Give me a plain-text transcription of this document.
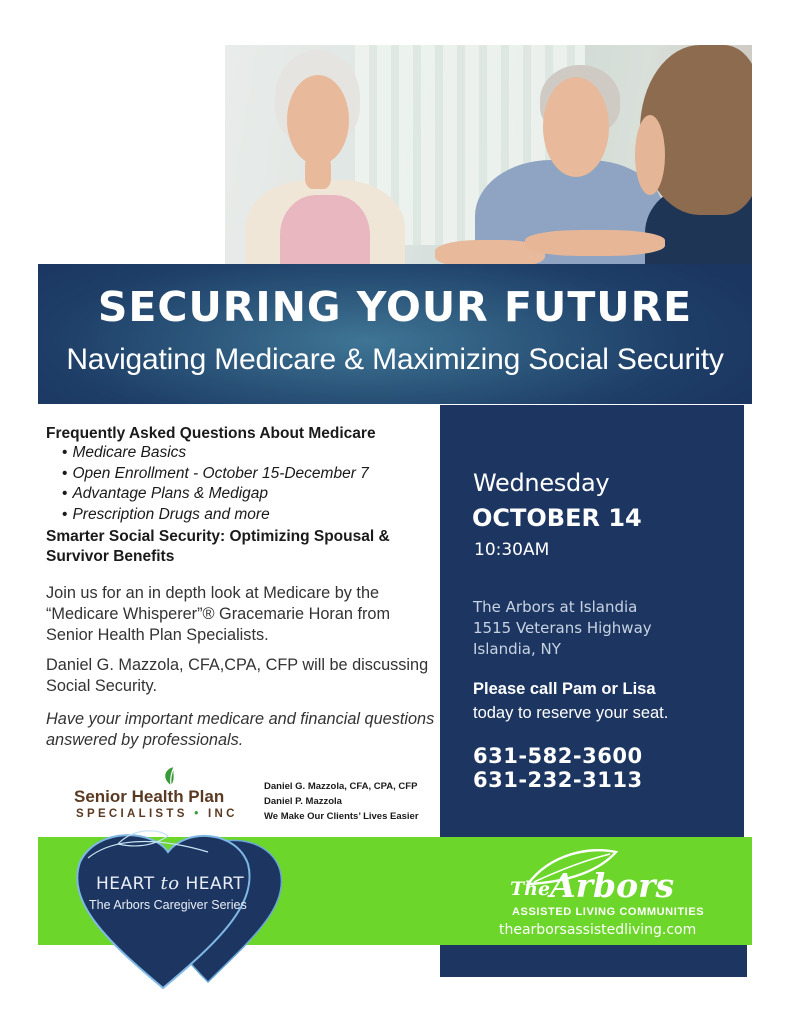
SECURING YOUR FUTURE
Navigating Medicare & Maximizing Social Security
Frequently Asked Questions About Medicare
• Medicare Basics
• Open Enrollment - October 15-December 7
• Advantage Plans & Medigap
• Prescription Drugs and more
Smarter Social Security: Optimizing Spousal & Survivor Benefits
Join us for an in depth look at Medicare by the “Medicare Whisperer”® Gracemarie Horan from Senior Health Plan Specialists.
Daniel G. Mazzola, CFA,CPA, CFP will be discussing Social Security.
Have your important medicare and financial questions answered by professionals.
Senior Health Plan
SPECIALISTS • INC
Daniel G. Mazzola, CFA, CPA, CFP
Daniel P. Mazzola
We Make Our Clients’ Lives Easier
Wednesday
OCTOBER 14
10:30AM
The Arbors at Islandia
1515 Veterans Highway
Islandia, NY
Please call Pam or Lisa
today to reserve your seat.
631-582-3600
631-232-3113
The Arbors
ASSISTED LIVING COMMUNITIES
thearborsassistedliving.com
HEART to HEART
The Arbors Caregiver Series
